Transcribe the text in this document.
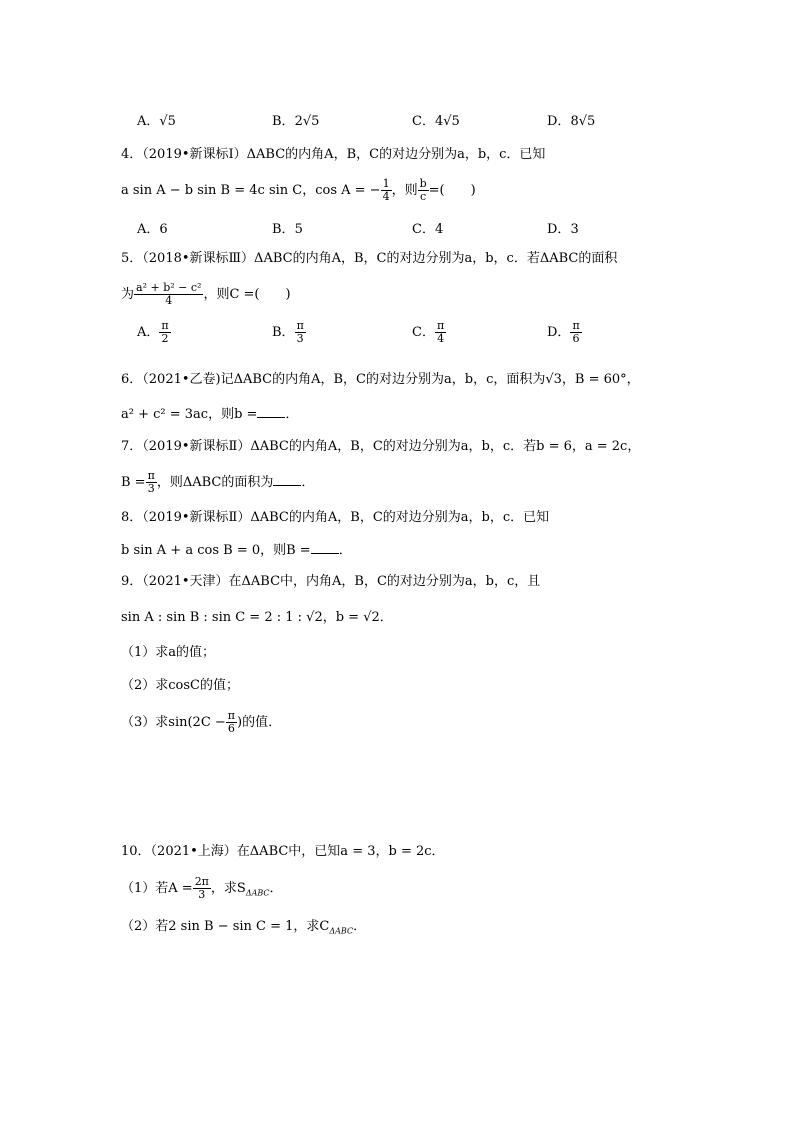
A．√5	B．2√5	C．4√5	D．8√5
4．（2019•新课标Ⅰ）ΔABC的内角A，B，C的对边分别为a，b，c．已知
a sin A − b sin B = 4c sin C，cos A = − $\frac{1}{4}$ ，则 $\frac{b}{c}$ =(　　)
A．6	B．5	C．4	D．3
5．（2018•新课标Ⅲ）ΔABC的内角A，B，C的对边分别为a，b，c．若ΔABC的面积
为 $\frac{\text{a² + b² − c²}}{4}$ ，则C =(　　)
A． $\frac{\pi}{2}$	B． $\frac{\pi}{3}$	C． $\frac{\pi}{4}$	D． $\frac{\pi}{6}$
6．（2021•乙卷)记ΔABC的内角A，B，C的对边分别为a，b，c，面积为√3，B = 60°，
a² + c² = 3ac，则b = ．
7．（2019•新课标Ⅱ）ΔABC的内角A，B，C的对边分别为a，b，c．若b = 6，a = 2c，
$B = \frac{\pi}{3}$ ，则ΔABC的面积为 ．
8．（2019•新课标Ⅱ）ΔABC的内角A，B，C的对边分别为a，b，c．已知
b sin A + a cos B = 0，则B = ．
9．（2021•天津）在ΔABC中，内角A，B，C的对边分别为a，b，c，且
sin A : sin B : sin C = 2 : 1 : √2，b = √2．
（1）求a的值；
（2）求cosC的值；
（3）求$\sin(2C - \frac{\pi}{6}$ )的值．
10．（2021•上海）在ΔABC中，已知a = 3，b = 2c．
（1）若$A = \frac{2\pi}{3}$ ，求$S_{\Delta ABC}$．
（2）若2 sin B − sin C = 1，求$C_{\Delta ABC}$．
